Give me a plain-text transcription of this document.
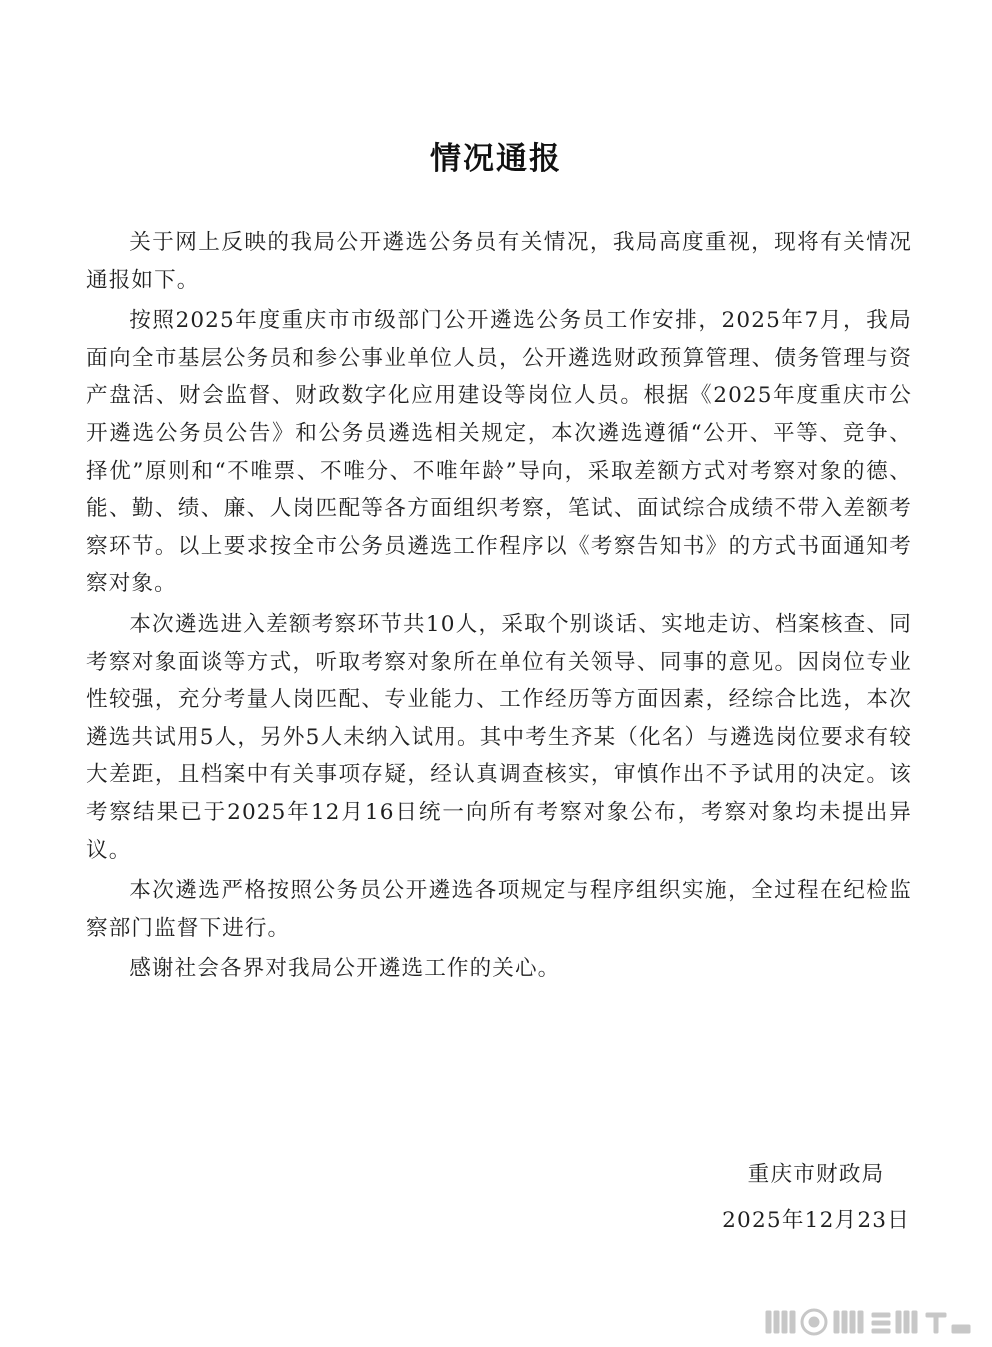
情况通报

关于网上反映的我局公开遴选公务员有关情况，我局高度重视，现将有关情况通报如下。

按照2025年度重庆市市级部门公开遴选公务员工作安排，2025年7月，我局面向全市基层公务员和参公事业单位人员，公开遴选财政预算管理、债务管理与资产盘活、财会监督、财政数字化应用建设等岗位人员。根据《2025年度重庆市公开遴选公务员公告》和公务员遴选相关规定，本次遴选遵循“公开、平等、竞争、择优”原则和“不唯票、不唯分、不唯年龄”导向，采取差额方式对考察对象的德、能、勤、绩、廉、人岗匹配等各方面组织考察，笔试、面试综合成绩不带入差额考察环节。以上要求按全市公务员遴选工作程序以《考察告知书》的方式书面通知考察对象。

本次遴选进入差额考察环节共10人，采取个别谈话、实地走访、档案核查、同考察对象面谈等方式，听取考察对象所在单位有关领导、同事的意见。因岗位专业性较强，充分考量人岗匹配、专业能力、工作经历等方面因素，经综合比选，本次遴选共试用5人，另外5人未纳入试用。其中考生齐某（化名）与遴选岗位要求有较大差距，且档案中有关事项存疑，经认真调查核实，审慎作出不予试用的决定。该考察结果已于2025年12月16日统一向所有考察对象公布，考察对象均未提出异议。

本次遴选严格按照公务员公开遴选各项规定与程序组织实施，全过程在纪检监察部门监督下进行。

感谢社会各界对我局公开遴选工作的关心。

重庆市财政局
2025年12月23日
